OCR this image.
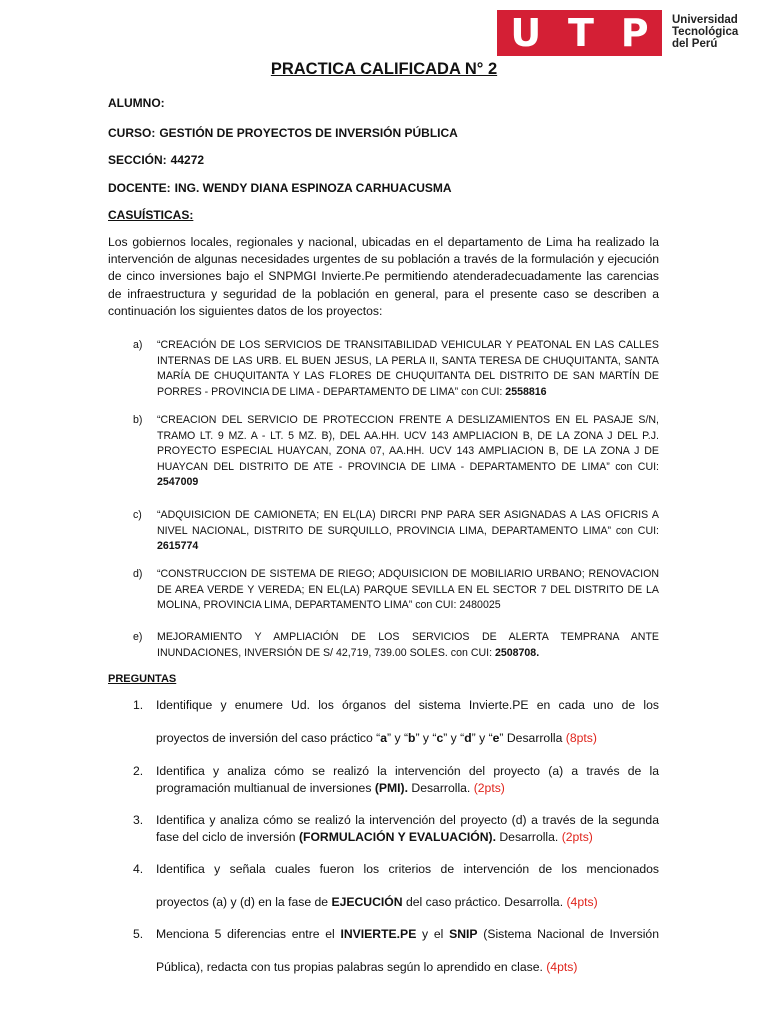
U T P Universidad
Tecnológica
del Perú
PRACTICA CALIFICADA N° 2
ALUMNO:
CURSO: GESTIÓN DE PROYECTOS DE INVERSIÓN PÚBLICA
SECCIÓN: 44272
DOCENTE: ING. WENDY DIANA ESPINOZA CARHUACUSMA
CASUÍSTICAS:
Los gobiernos locales, regionales y nacional, ubicadas en el departamento de Lima ha realizado la intervención de algunas necesidades urgentes de su población a través de la formulación y ejecución de cinco inversiones bajo el SNPMGI Invierte.Pe permitiendo atenderadecuadamente las carencias de infraestructura y seguridad de la población en general, para el presente caso se describen a continuación los siguientes datos de los proyectos:
a) “CREACIÓN DE LOS SERVICIOS DE TRANSITABILIDAD VEHICULAR Y PEATONAL EN LAS CALLES INTERNAS DE LAS URB. EL BUEN JESUS, LA PERLA II, SANTA TERESA DE CHUQUITANTA, SANTA MARÍA DE CHUQUITANTA Y LAS FLORES DE CHUQUITANTA DEL DISTRITO DE SAN MARTÍN DE PORRES - PROVINCIA DE LIMA - DEPARTAMENTO DE LIMA” con CUI: 2558816
b) “CREACION DEL SERVICIO DE PROTECCION FRENTE A DESLIZAMIENTOS EN EL PASAJE S/N, TRAMO LT. 9 MZ. A - LT. 5 MZ. B), DEL AA.HH. UCV 143 AMPLIACION B, DE LA ZONA J DEL P.J. PROYECTO ESPECIAL HUAYCAN, ZONA 07, AA.HH. UCV 143 AMPLIACION B, DE LA ZONA J DE HUAYCAN DEL DISTRITO DE ATE - PROVINCIA DE LIMA - DEPARTAMENTO DE LIMA” con CUI: 2547009
c) “ADQUISICION DE CAMIONETA; EN EL(LA) DIRCRI PNP PARA SER ASIGNADAS A LAS OFICRIS A NIVEL NACIONAL, DISTRITO DE SURQUILLO, PROVINCIA LIMA, DEPARTAMENTO LIMA” con CUI: 2615774
d) “CONSTRUCCION DE SISTEMA DE RIEGO; ADQUISICION DE MOBILIARIO URBANO; RENOVACION DE AREA VERDE Y VEREDA; EN EL(LA) PARQUE SEVILLA EN EL SECTOR 7 DEL DISTRITO DE LA MOLINA, PROVINCIA LIMA, DEPARTAMENTO LIMA” con CUI: 2480025
e) MEJORAMIENTO Y AMPLIACIÓN DE LOS SERVICIOS DE ALERTA TEMPRANA ANTE INUNDACIONES, INVERSIÓN DE S/ 42,719, 739.00 SOLES. con CUI: 2508708.
PREGUNTAS
1. Identifique y enumere Ud. los órganos del sistema Invierte.PE en cada uno de los
proyectos de inversión del caso práctico “a” y “b” y “c” y “d” y “e” Desarrolla (8pts)
2. Identifica y analiza cómo se realizó la intervención del proyecto (a) a través de la programación multianual de inversiones (PMI). Desarrolla. (2pts)
3. Identifica y analiza cómo se realizó la intervención del proyecto (d) a través de la segunda fase del ciclo de inversión (FORMULACIÓN Y EVALUACIÓN). Desarrolla. (2pts)
4. Identifica y señala cuales fueron los criterios de intervención de los mencionados
proyectos (a) y (d) en la fase de EJECUCIÓN del caso práctico. Desarrolla. (4pts)
5. Menciona 5 diferencias entre el INVIERTE.PE y el SNIP (Sistema Nacional de Inversión
Pública), redacta con tus propias palabras según lo aprendido en clase. (4pts)
